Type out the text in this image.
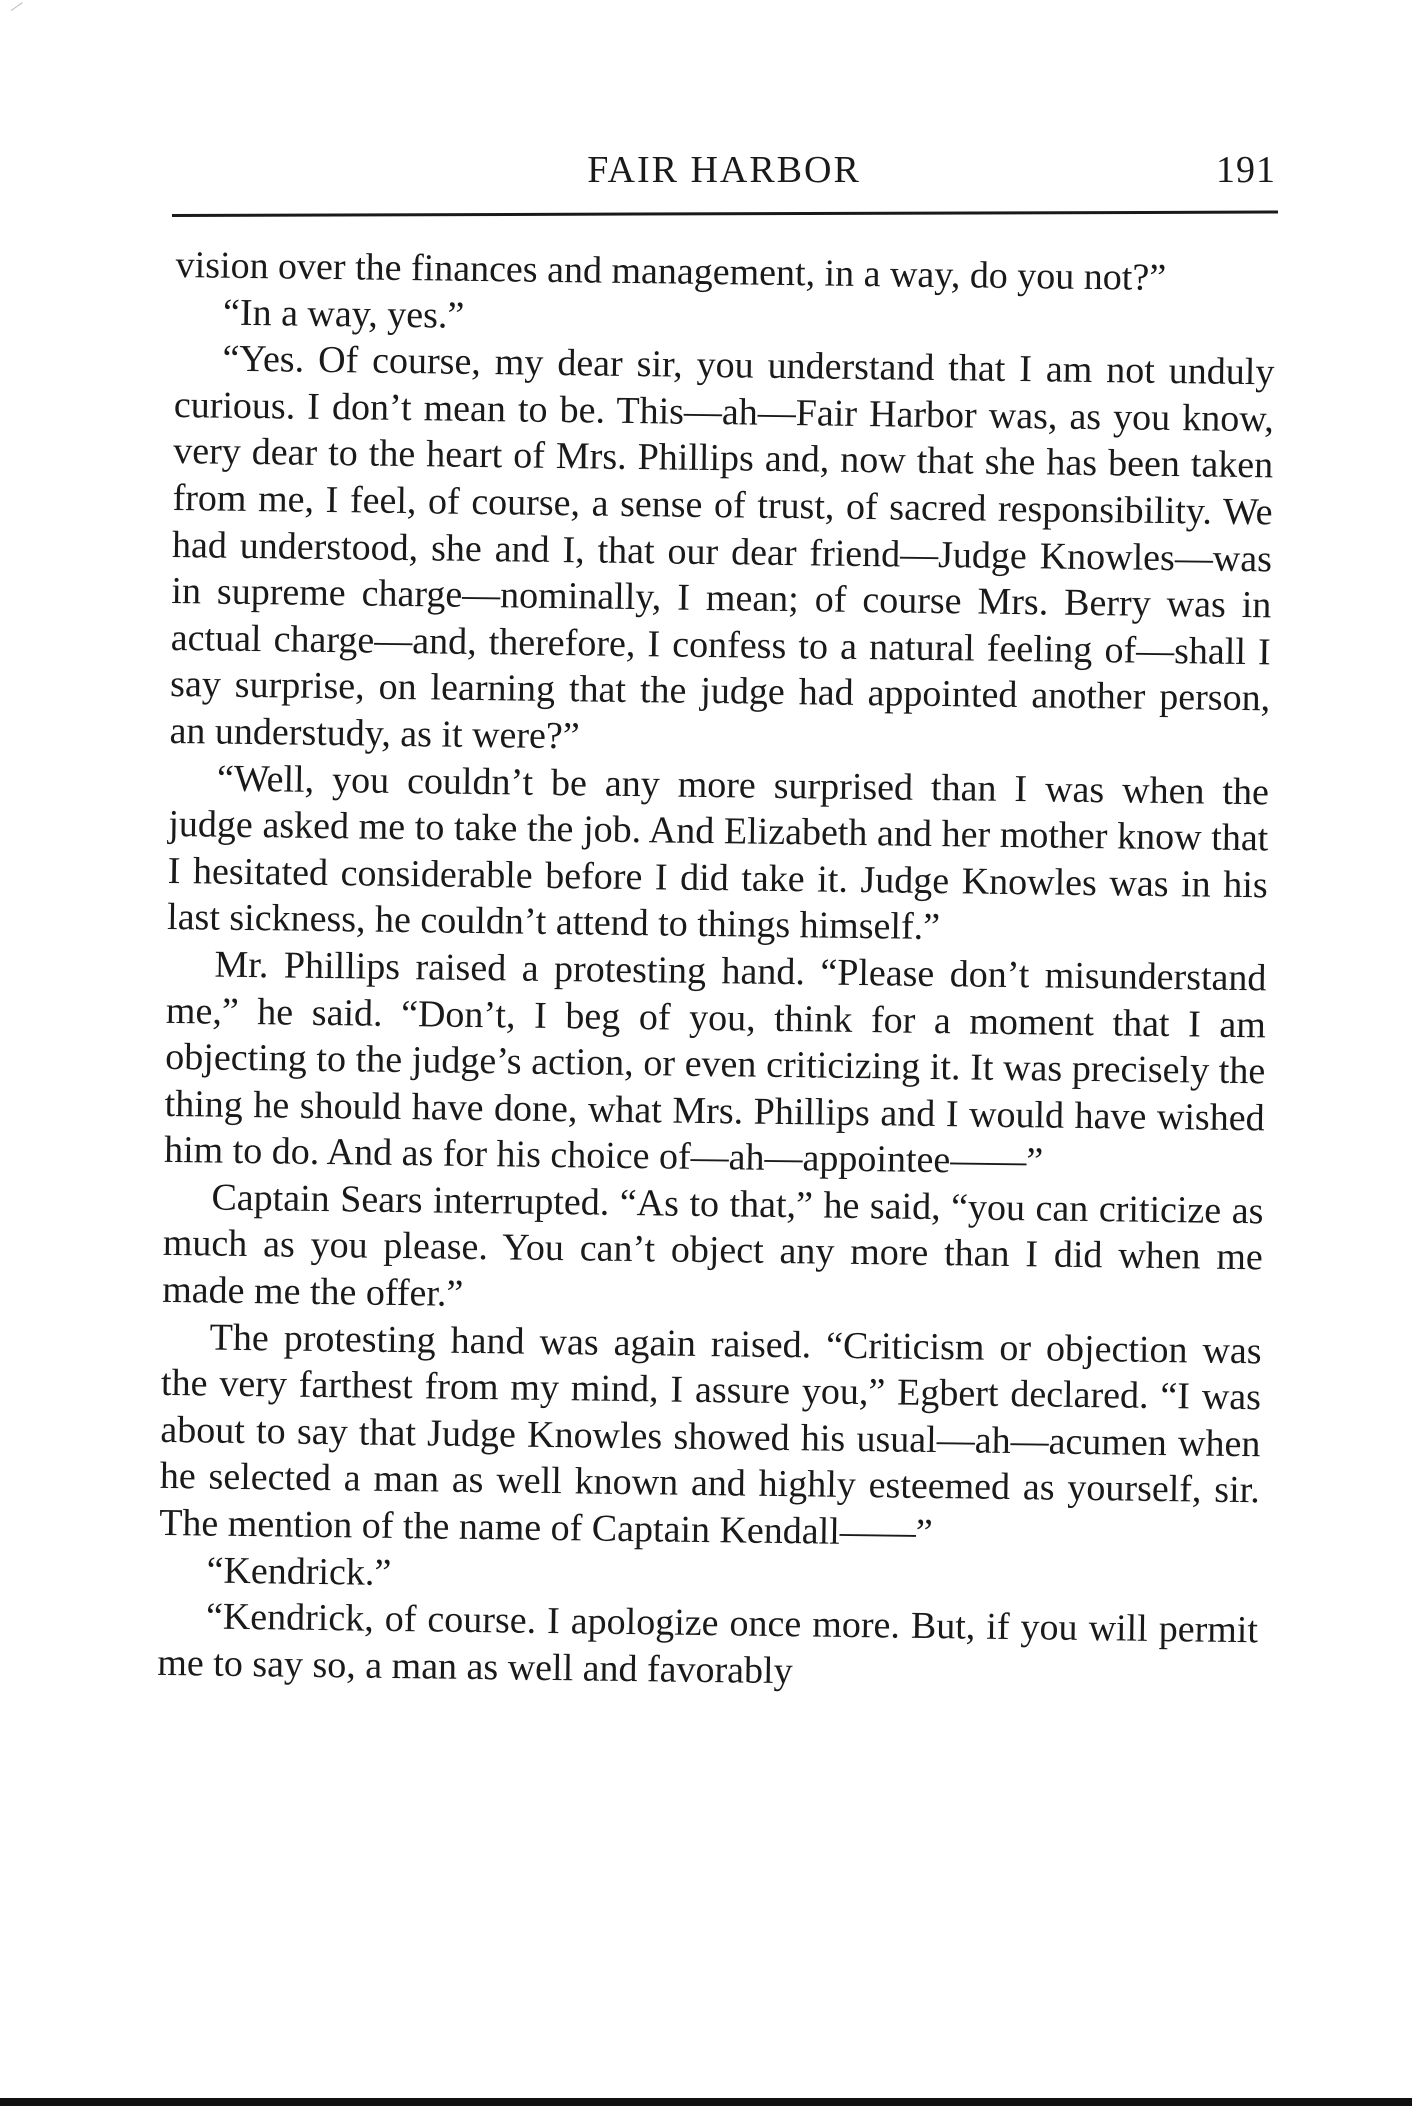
FAIR HARBOR	191

vision over the finances and management, in a way, do you not?”

“In a way, yes.”

“Yes. Of course, my dear sir, you understand that I am not unduly curious. I don’t mean to be. This—ah—Fair Harbor was, as you know, very dear to the heart of Mrs. Phillips and, now that she has been taken from me, I feel, of course, a sense of trust, of sacred responsibility. We had understood, she and I, that our dear friend—Judge Knowles—was in supreme charge—nominally, I mean; of course Mrs. Berry was in actual charge—and, therefore, I confess to a natural feeling of—shall I say surprise, on learning that the judge had appointed another person, an understudy, as it were?”

“Well, you couldn’t be any more surprised than I was when the judge asked me to take the job. And Elizabeth and her mother know that I hesitated considerable before I did take it. Judge Knowles was in his last sickness, he couldn’t attend to things himself.”

Mr. Phillips raised a protesting hand. “Please don’t misunderstand me,” he said. “Don’t, I beg of you, think for a moment that I am objecting to the judge’s action, or even criticizing it. It was precisely the thing he should have done, what Mrs. Phillips and I would have wished him to do. And as for his choice of—ah—appointee——”

Captain Sears interrupted. “As to that,” he said, “you can criticize as much as you please. You can’t object any more than I did when me made me the offer.”

The protesting hand was again raised. “Criticism or objection was the very farthest from my mind, I assure you,” Egbert declared. “I was about to say that Judge Knowles showed his usual—ah—acumen when he selected a man as well known and highly esteemed as yourself, sir. The mention of the name of Captain Kendall——”

“Kendrick.”

“Kendrick, of course. I apologize once more. But, if you will permit me to say so, a man as well and favorably
